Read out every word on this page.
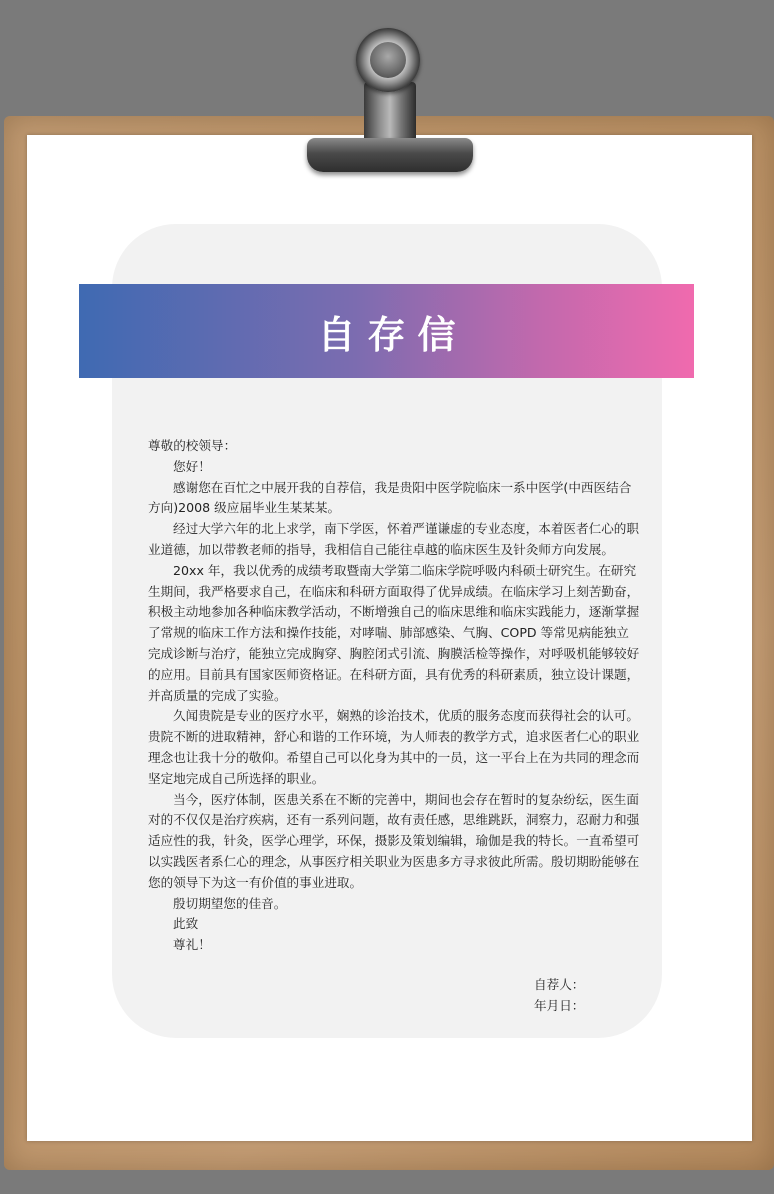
自存信

尊敬的校领导：

您好！

感谢您在百忙之中展开我的自荐信，我是贵阳中医学院临床一系中医学(中西医结合方向)2008 级应届毕业生某某某。

经过大学六年的北上求学，南下学医，怀着严谨谦虚的专业态度，本着医者仁心的职业道德，加以带教老师的指导，我相信自己能往卓越的临床医生及针灸师方向发展。

20xx 年，我以优秀的成绩考取暨南大学第二临床学院呼吸内科硕士研究生。在研究生期间，我严格要求自己，在临床和科研方面取得了优异成绩。在临床学习上刻苦勤奋，积极主动地参加各种临床教学活动，不断增強自己的临床思维和临床实践能力，逐渐掌握了常规的临床工作方法和操作技能，对哮喘、肺部感染、气胸、COPD 等常见病能独立完成诊断与治疗，能独立完成胸穿、胸腔闭式引流、胸膜活检等操作，对呼吸机能够较好的应用。目前具有国家医师资格证。在科研方面，具有优秀的科研素质，独立设计课题，并高质量的完成了实验。

久闻贵院是专业的医疗水平，娴熟的诊治技术，优质的服务态度而获得社会的认可。贵院不断的进取精神，舒心和谐的工作环境，为人师表的教学方式，追求医者仁心的职业理念也让我十分的敬仰。希望自己可以化身为其中的一员，这一平台上在为共同的理念而坚定地完成自己所选择的职业。

当今，医疗体制，医患关系在不断的完善中，期间也会存在暂时的复杂纷纭，医生面对的不仅仅是治疗疾病，还有一系列问题，故有责任感，思维跳跃，洞察力，忍耐力和强适应性的我，针灸，医学心理学，环保，摄影及策划编辑，瑜伽是我的特长。一直希望可以实践医者系仁心的理念，从事医疗相关职业为医患多方寻求彼此所需。殷切期盼能够在您的领导下为这一有价值的事业进取。

殷切期望您的佳音。

此致

尊礼！

自荐人：
年月日：
